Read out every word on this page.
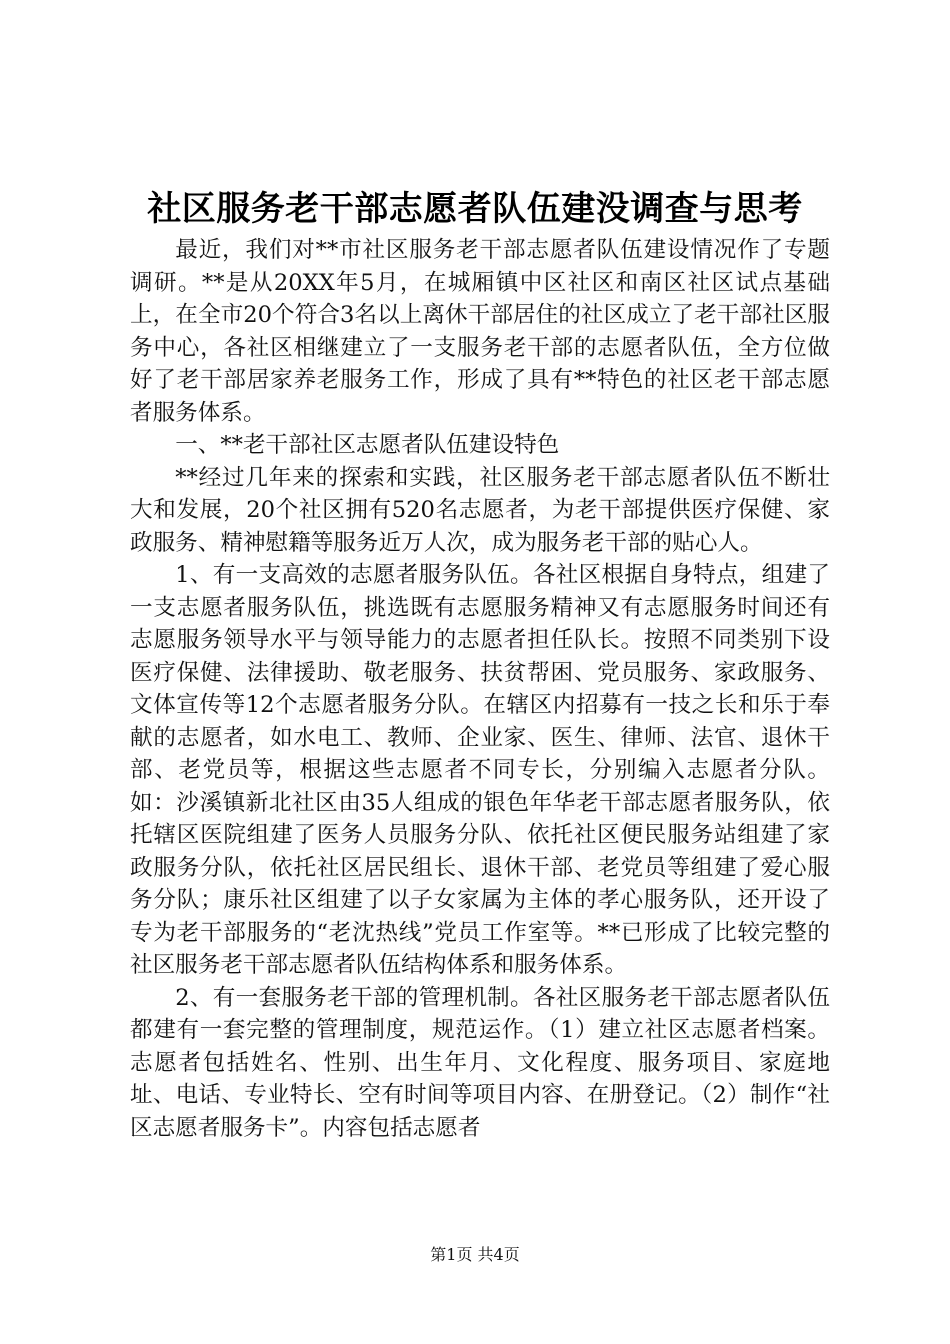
社区服务老干部志愿者队伍建没调查与思考

最近，我们对**市社区服务老干部志愿者队伍建设情况作了专题调研。**是从20XX年5月，在城厢镇中区社区和南区社区试点基础上，在全市20个符合3名以上离休干部居住的社区成立了老干部社区服务中心，各社区相继建立了一支服务老干部的志愿者队伍，全方位做好了老干部居家养老服务工作，形成了具有**特色的社区老干部志愿者服务体系。

一、**老干部社区志愿者队伍建设特色

**经过几年来的探索和实践，社区服务老干部志愿者队伍不断壮大和发展，20个社区拥有520名志愿者，为老干部提供医疗保健、家政服务、精神慰籍等服务近万人次，成为服务老干部的贴心人。

1、有一支高效的志愿者服务队伍。各社区根据自身特点，组建了一支志愿者服务队伍，挑选既有志愿服务精神又有志愿服务时间还有志愿服务领导水平与领导能力的志愿者担任队长。按照不同类别下设医疗保健、法律援助、敬老服务、扶贫帮困、党员服务、家政服务、文体宣传等12个志愿者服务分队。在辖区内招募有一技之长和乐于奉献的志愿者，如水电工、教师、企业家、医生、律师、法官、退休干部、老党员等，根据这些志愿者不同专长，分别编入志愿者分队。如：沙溪镇新北社区由35人组成的银色年华老干部志愿者服务队，依托辖区医院组建了医务人员服务分队、依托社区便民服务站组建了家政服务分队，依托社区居民组长、退休干部、老党员等组建了爱心服务分队；康乐社区组建了以子女家属为主体的孝心服务队，还开设了专为老干部服务的“老沈热线”党员工作室等。**已形成了比较完整的社区服务老干部志愿者队伍结构体系和服务体系。

2、有一套服务老干部的管理机制。各社区服务老干部志愿者队伍都建有一套完整的管理制度，规范运作。（1）建立社区志愿者档案。志愿者包括姓名、性别、出生年月、文化程度、服务项目、家庭地址、电话、专业特长、空有时间等项目内容、在册登记。（2）制作“社区志愿者服务卡”。内容包括志愿者

第1页 共4页
